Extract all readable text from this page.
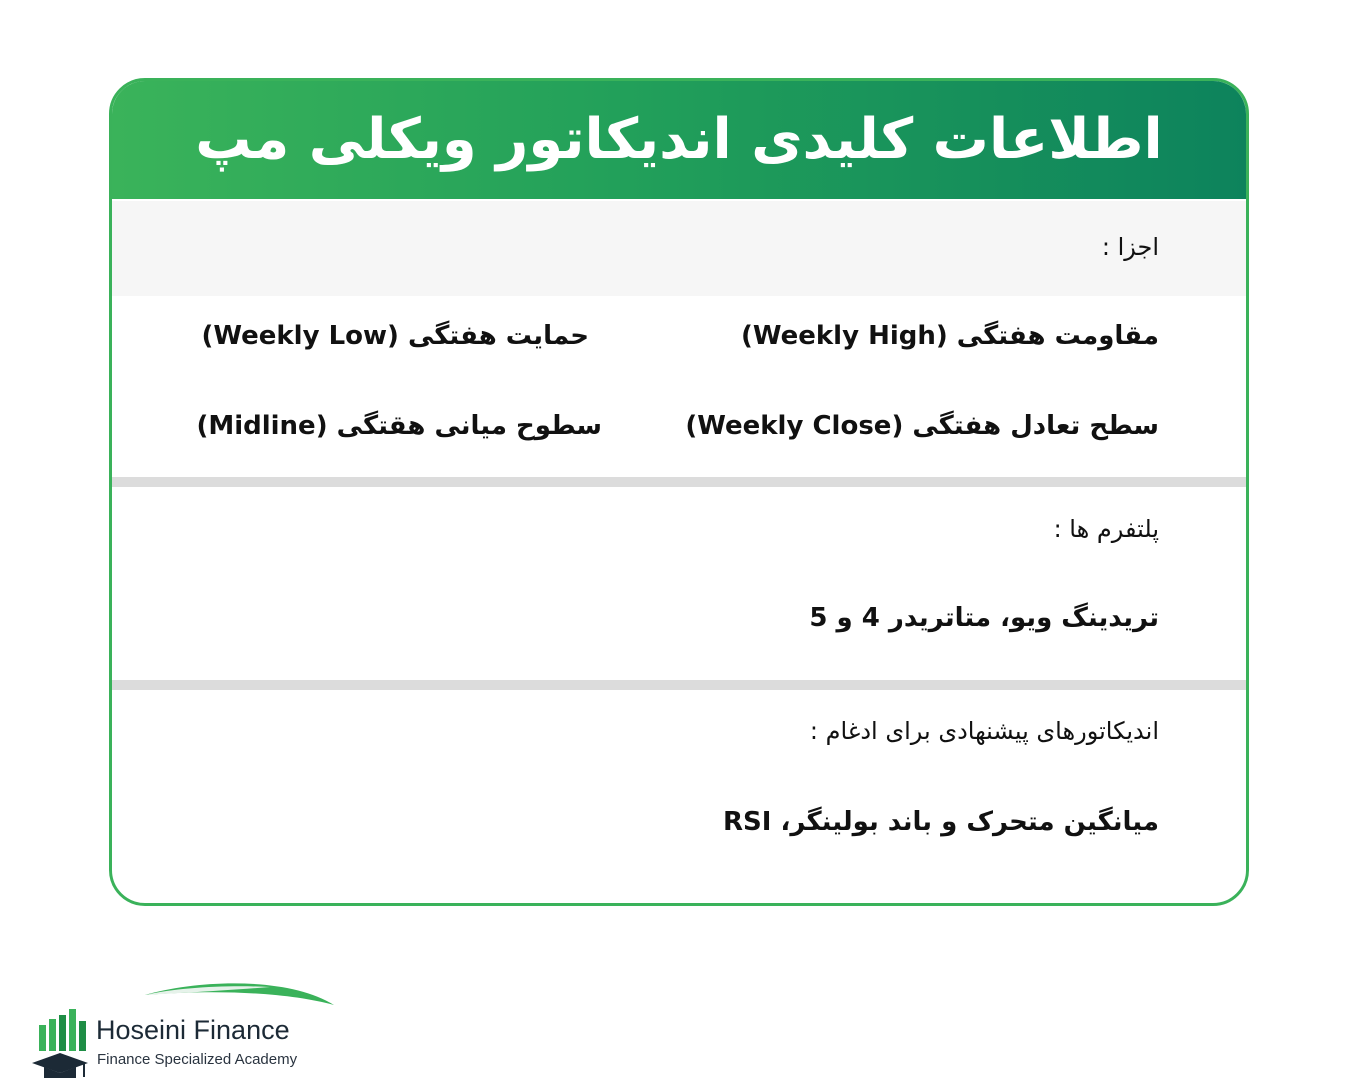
اطلاعات کلیدی اندیکاتور ویکلی مپ
اجزا :
مقاومت هفتگی (Weekly High)
حمایت هفتگی (Weekly Low)
سطح تعادل هفتگی (Weekly Close)
سطوح میانی هقتگی (Midline)
پلتفرم ها :
تریدینگ ویو، متاتریدر 4 و 5
اندیکاتورهای پیشنهادی برای ادغام :
میانگین متحرک و باند بولینگر، RSI
Hoseini Finance
Finance Specialized Academy
